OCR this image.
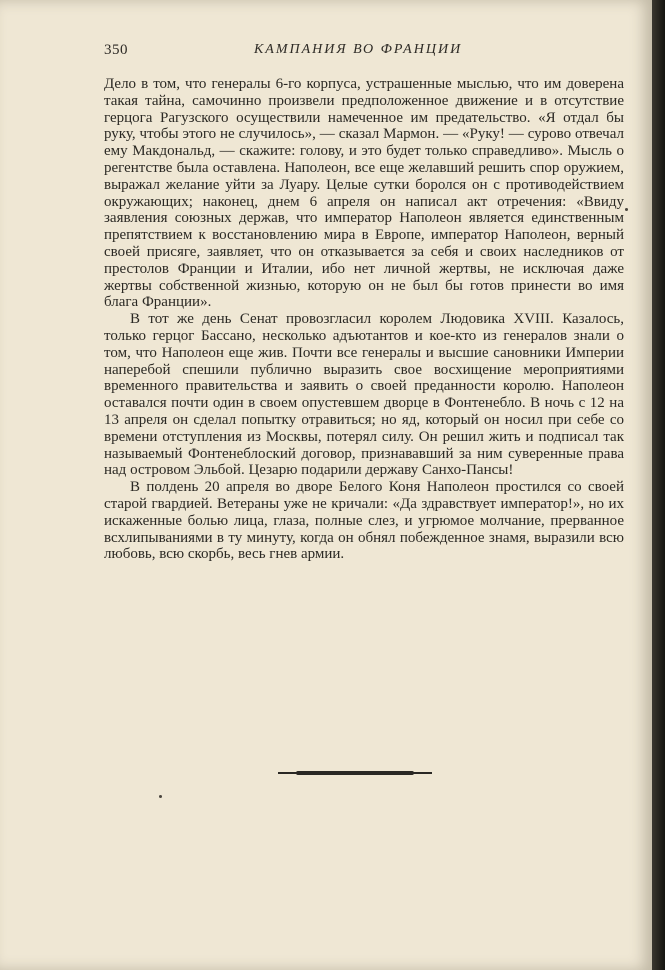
350	КАМПАНИЯ ВО ФРАНЦИИ

Дело в том, что генералы 6-го корпуса, устрашенные мыслью, что им доверена такая тайна, самочинно произвели предположенное движение и в отсутствие герцога Рагузского осуществили намеченное им предательство. «Я отдал бы руку, чтобы этого не случилось», — сказал Мармон. — «Руку! — сурово отвечал ему Макдональд, — скажите: голову, и это будет только справедливо». Мысль о регентстве была оставлена. Наполеон, все еще желавший решить спор оружием, выражал желание уйти за Луару. Целые сутки боролся он с противодействием окружающих; наконец, днем 6 апреля он написал акт отречения: «Ввиду заявления союзных держав, что император Наполеон является единственным препятствием к восстановлению мира в Европе, император Наполеон, верный своей присяге, заявляет, что он отказывается за себя и своих наследников от престолов Франции и Италии, ибо нет личной жертвы, не исключая даже жертвы собственной жизнью, которую он не был бы готов принести во имя блага Франции».

В тот же день Сенат провозгласил королем Людовика XVIII. Казалось, только герцог Бассано, несколько адъютантов и кое-кто из генералов знали о том, что Наполеон еще жив. Почти все генералы и высшие сановники Империи наперебой спешили публично выразить свое восхищение мероприятиями временного правительства и заявить о своей преданности королю. Наполеон оставался почти один в своем опустевшем дворце в Фонтенебло. В ночь с 12 на 13 апреля он сделал попытку отравиться; но яд, который он носил при себе со времени отступления из Москвы, потерял силу. Он решил жить и подписал так называемый Фонтенеблоский договор, признававший за ним суверенные права над островом Эльбой. Цезарю подарили державу Санхо-Пансы!

В полдень 20 апреля во дворе Белого Коня Наполеон простился со своей старой гвардией. Ветераны уже не кричали: «Да здравствует император!», но их искаженные болью лица, глаза, полные слез, и угрюмое молчание, прерванное всхлипываниями в ту минуту, когда он обнял побежденное знамя, выразили всю любовь, всю скорбь, весь гнев армии.
